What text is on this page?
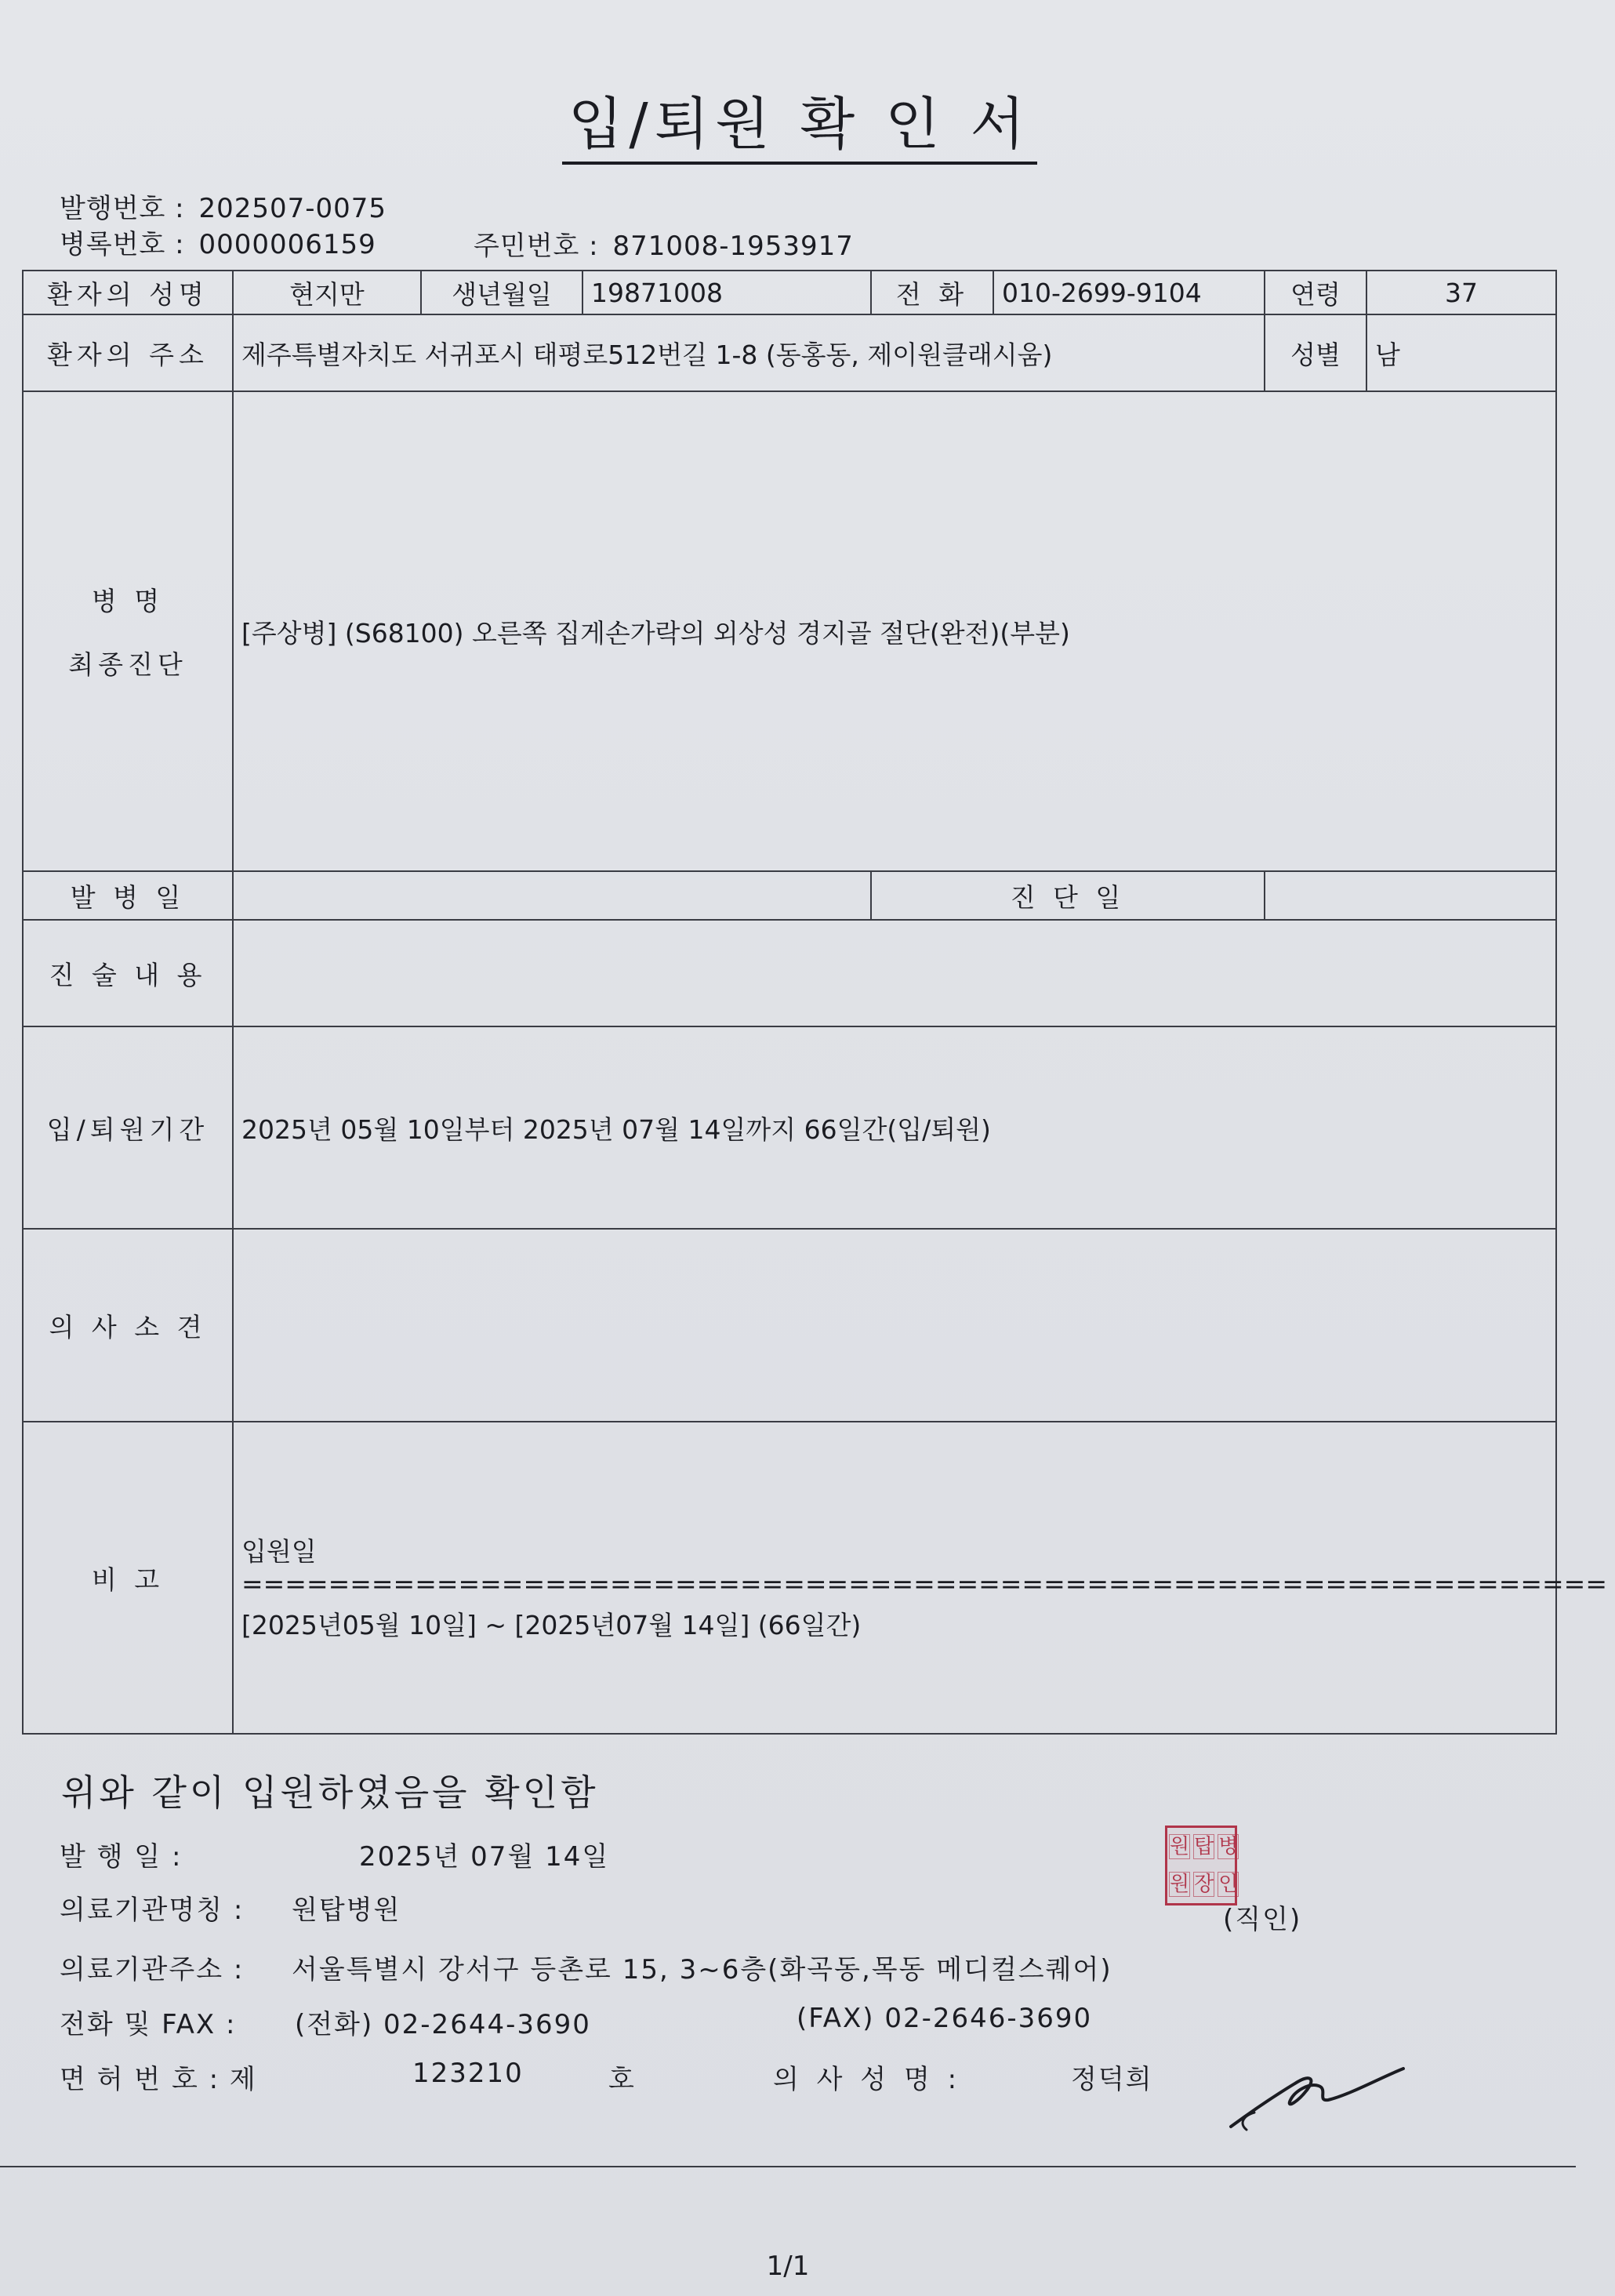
입/퇴원 확 인 서
발행번호 : 202507-0075
병록번호 : 0000006159	주민번호 : 871008-1953917
환자의 성명	현지만	생년월일	19871008	전 화	010-2699-9104	연령	37
환자의 주소	제주특별자치도 서귀포시 태평로512번길 1-8 (동홍동, 제이원클래시움)					성별	남

병 명
최종진단	[주상병] (S68100) 오른쪽 집게손가락의 외상성 경지골 절단(완전)(부분)						
발 병 일				진 단 일			
진 술 내 용							
입/퇴원기간	2025년 05월 10일부터 2025년 07월 14일까지 66일간(입/퇴원)						
의 사 소 견							
비 고	입원일===============================================================
[2025년05월 10일] ~ [2025년07월 14일] (66일간)						
위와 같이 입원하였음을 확인함
발 행 일 :	2025년 07월 14일
의료기관명칭 : 원탑병원
원 탑 병
원 장 인
(직인)
의료기관주소 : 서울특별시 강서구 등촌로 15, 3~6층(화곡동,목동 메디컬스퀘어)
전화 및 FAX : (전화) 02-2644-3690	(FAX) 02-2646-3690
면 허 번 호 : 제	123210	호	의 사 성 명 :	정덕희
1/1
